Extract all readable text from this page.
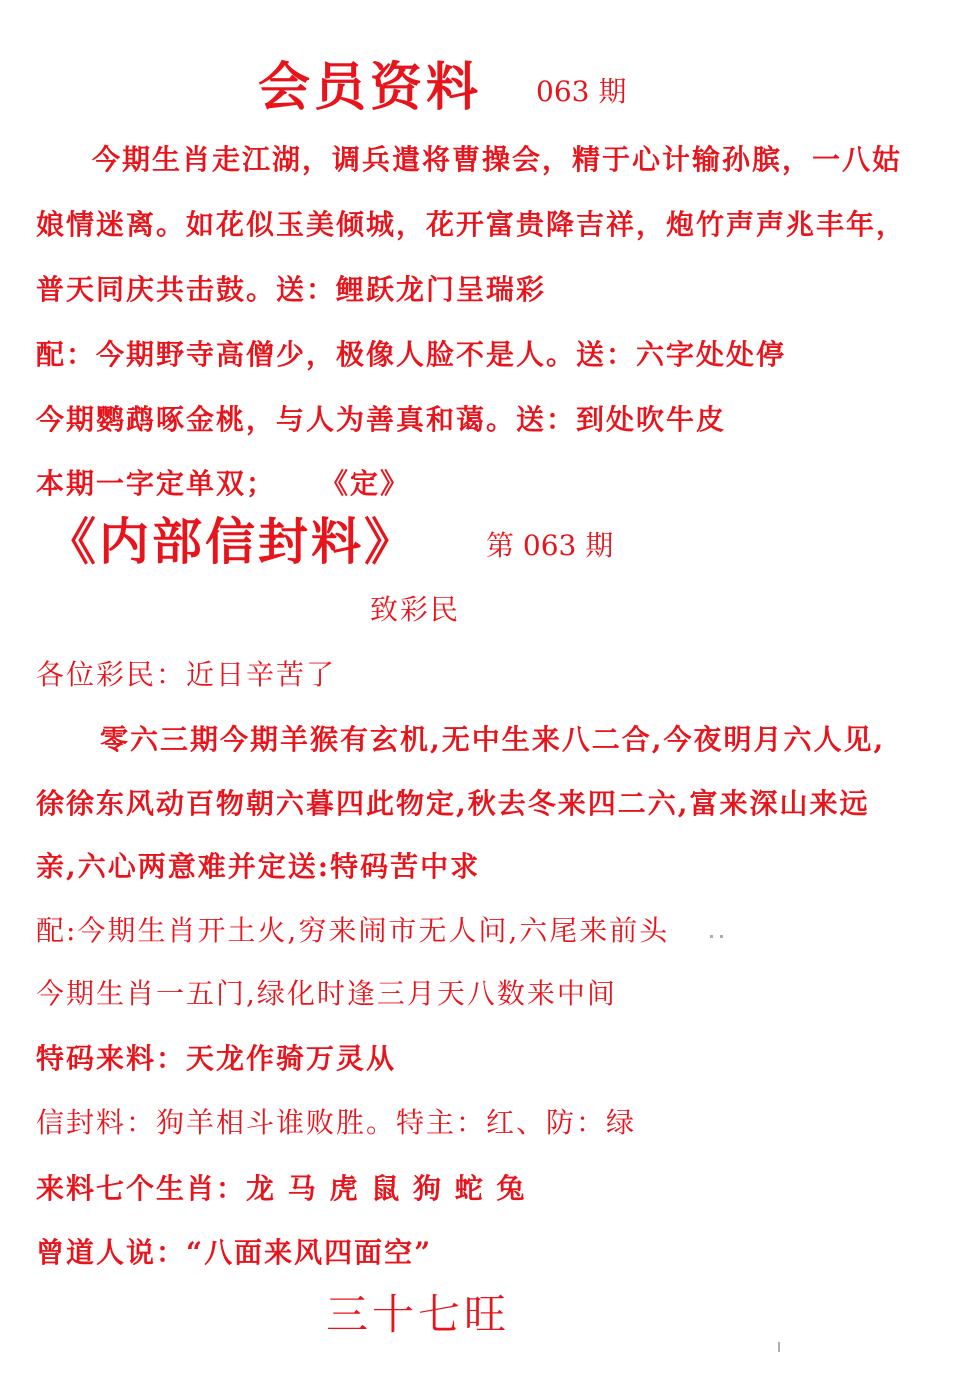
会员资料 063 期
今期生肖走江湖，调兵遣将曹操会，精于心计输孙膑，一八姑
娘情迷离。如花似玉美倾城，花开富贵降吉祥，炮竹声声兆丰年，
普天同庆共击鼓。送：鲤跃龙门呈瑞彩
配：今期野寺高僧少，极像人脸不是人。送：六字处处停
今期鹦鹉啄金桃，与人为善真和蔼。送：到处吹牛皮
本期一字定单双； 《定》
《内部信封料》 第 063 期
致彩民
各位彩民：近日辛苦了
零六三期今期羊猴有玄机,无中生来八二合,今夜明月六人见,
徐徐东风动百物朝六暮四此物定,秋去冬来四二六,富来深山来远
亲,六心两意难并定送:特码苦中求
配:今期生肖开土火,穷来闹市无人问,六尾来前头
今期生肖一五门,绿化时逢三月天八数来中间
特码来料：天龙作骑万灵从
信封料：狗羊相斗谁败胜。特主：红、防：绿
来料七个生肖：龙 马 虎 鼠 狗 蛇 兔
曾道人说：“八面来风四面空”
三十七旺
